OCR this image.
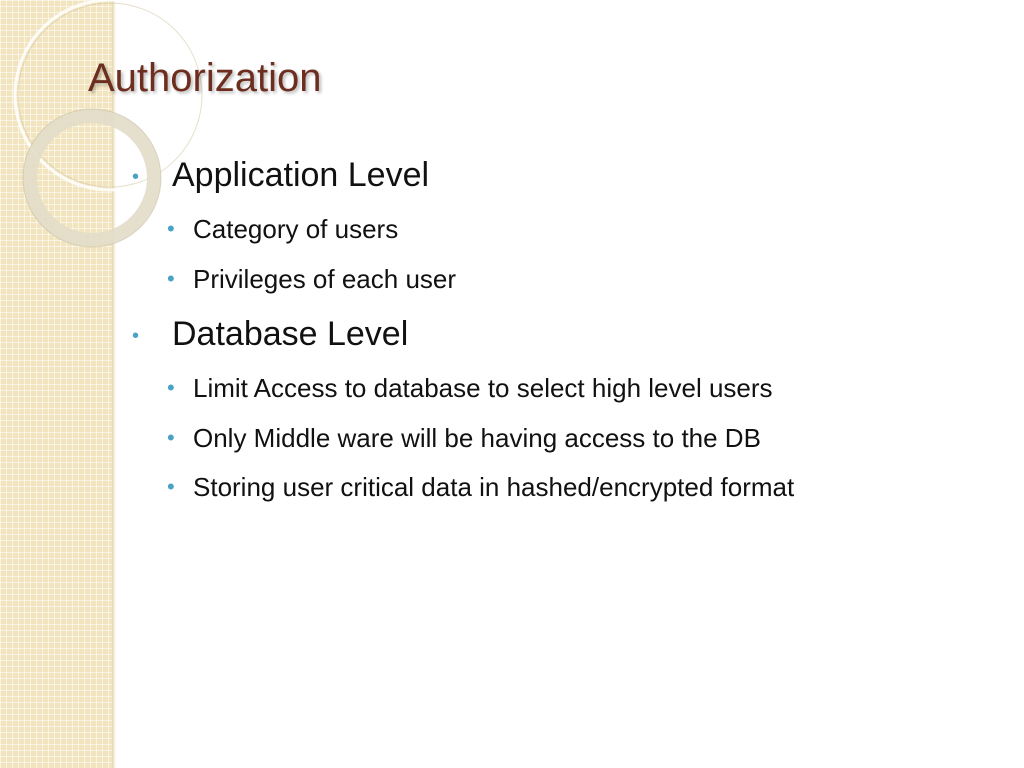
Authorization
• Application Level
• Category of users
• Privileges of each user
• Database Level
• Limit Access to database to select high level users
• Only Middle ware will be having access to the DB
• Storing user critical data in hashed/encrypted format
